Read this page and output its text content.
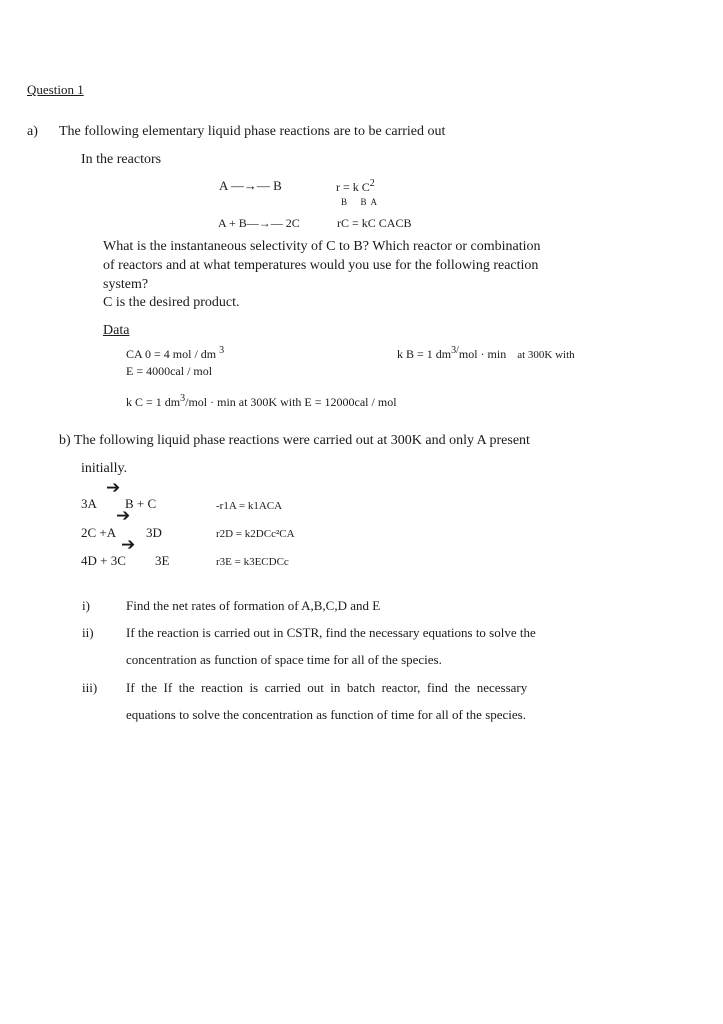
Question 1
a) The following elementary liquid phase reactions are to be carried out
In the reactors
A —→— B	r = k $C^2$
B      B  A
A + B—→— 2C	rC = kC CACB
What is the instantaneous selectivity of C to B? Which reactor or combination
of reactors and at what temperatures would you use for the following reaction
system?
C is the desired product.
Data
CA 0 = 4 mol / dm $^3$	k B = 1 $dm^{3/}mol \cdot \min$ at 300K with
E = 4000cal / mol
k C = 1 $dm^3$/mol · min at 300K with E = 12000cal / mol
b) The following liquid phase reactions were carried out at 300K and only A present
initially.
➔
3A B + C	-r1A = k1ACA
➔
2C +A 3D	r2D = k2DCc²CA
➔
4D + 3C 3E	r3E = k3ECDCc
i)	Find the net rates of formation of A,B,C,D and E
ii) If the reaction is carried out in CSTR, find the necessary equations to solve the
concentration as function of space time for all of the species.
iii) If  the  If  the  reaction  is  carried  out  in  batch  reactor,  find  the  necessary
equations to solve the concentration as function of time for all of the species.
